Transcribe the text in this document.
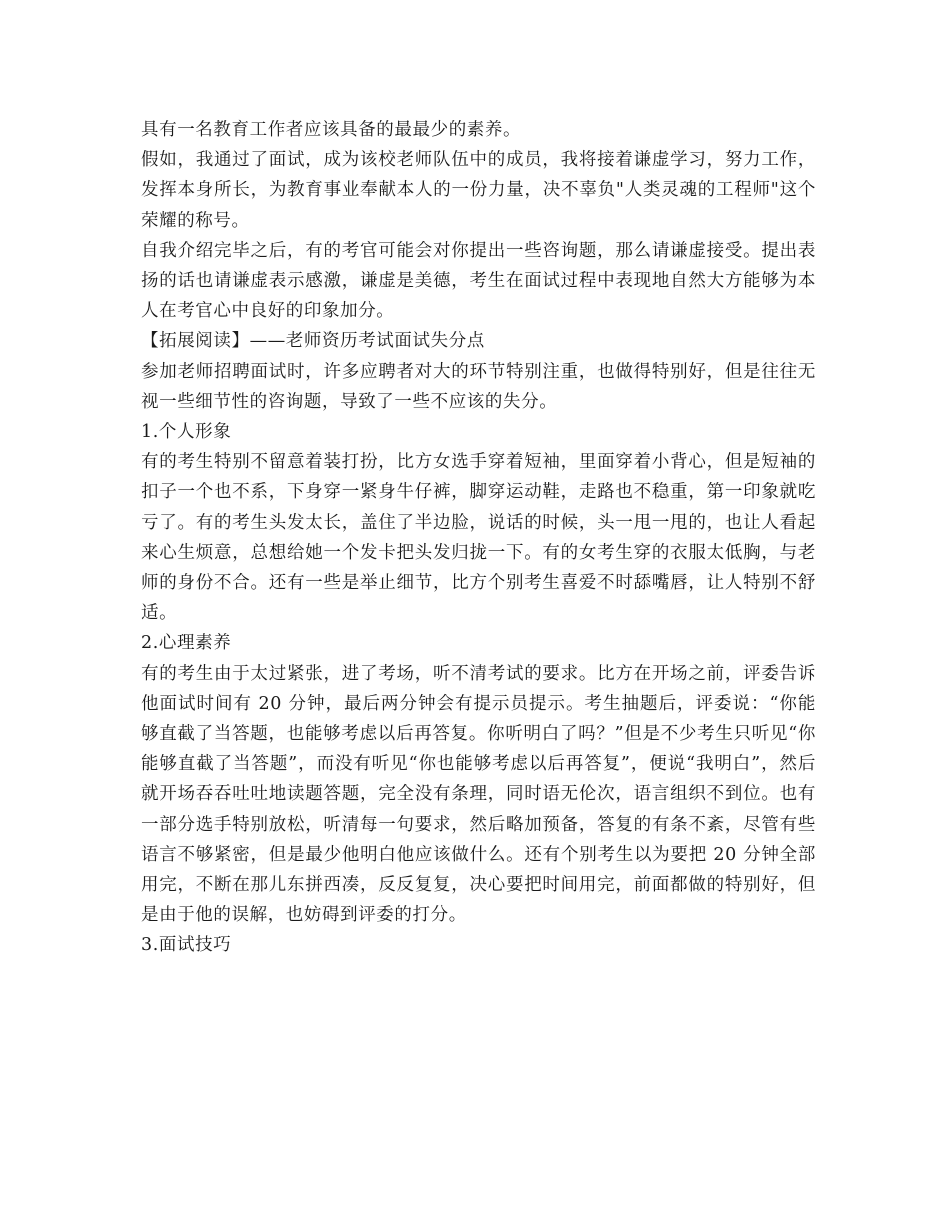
具有一名教育工作者应该具备的最最少的素养。

假如，我通过了面试，成为该校老师队伍中的成员，我将接着谦虚学习，努力工作，发挥本身所长，为教育事业奉献本人的一份力量，决不辜负"人类灵魂的工程师"这个荣耀的称号。

自我介绍完毕之后，有的考官可能会对你提出一些咨询题，那么请谦虚接受。提出表扬的话也请谦虚表示感激，谦虚是美德，考生在面试过程中表现地自然大方能够为本人在考官心中良好的印象加分。

【拓展阅读】——老师资历考试面试失分点

参加老师招聘面试时，许多应聘者对大的环节特别注重，也做得特别好，但是往往无视一些细节性的咨询题，导致了一些不应该的失分。

1.个人形象

有的考生特别不留意着装打扮，比方女选手穿着短袖，里面穿着小背心，但是短袖的扣子一个也不系，下身穿一紧身牛仔裤，脚穿运动鞋，走路也不稳重，第一印象就吃亏了。有的考生头发太长，盖住了半边脸，说话的时候，头一甩一甩的，也让人看起来心生烦意，总想给她一个发卡把头发归拢一下。有的女考生穿的衣服太低胸，与老师的身份不合。还有一些是举止细节，比方个别考生喜爱不时舔嘴唇，让人特别不舒适。

2.心理素养

有的考生由于太过紧张，进了考场，听不清考试的要求。比方在开场之前，评委告诉他面试时间有 20 分钟，最后两分钟会有提示员提示。考生抽题后，评委说：“你能够直截了当答题，也能够考虑以后再答复。你听明白了吗？”但是不少考生只听见“你能够直截了当答题”，而没有听见“你也能够考虑以后再答复”，便说“我明白”，然后就开场吞吞吐吐地读题答题，完全没有条理，同时语无伦次，语言组织不到位。也有一部分选手特别放松，听清每一句要求，然后略加预备，答复的有条不紊，尽管有些语言不够紧密，但是最少他明白他应该做什么。还有个别考生以为要把 20 分钟全部用完，不断在那儿东拼西凑，反反复复，决心要把时间用完，前面都做的特别好，但是由于他的误解，也妨碍到评委的打分。

3.面试技巧
